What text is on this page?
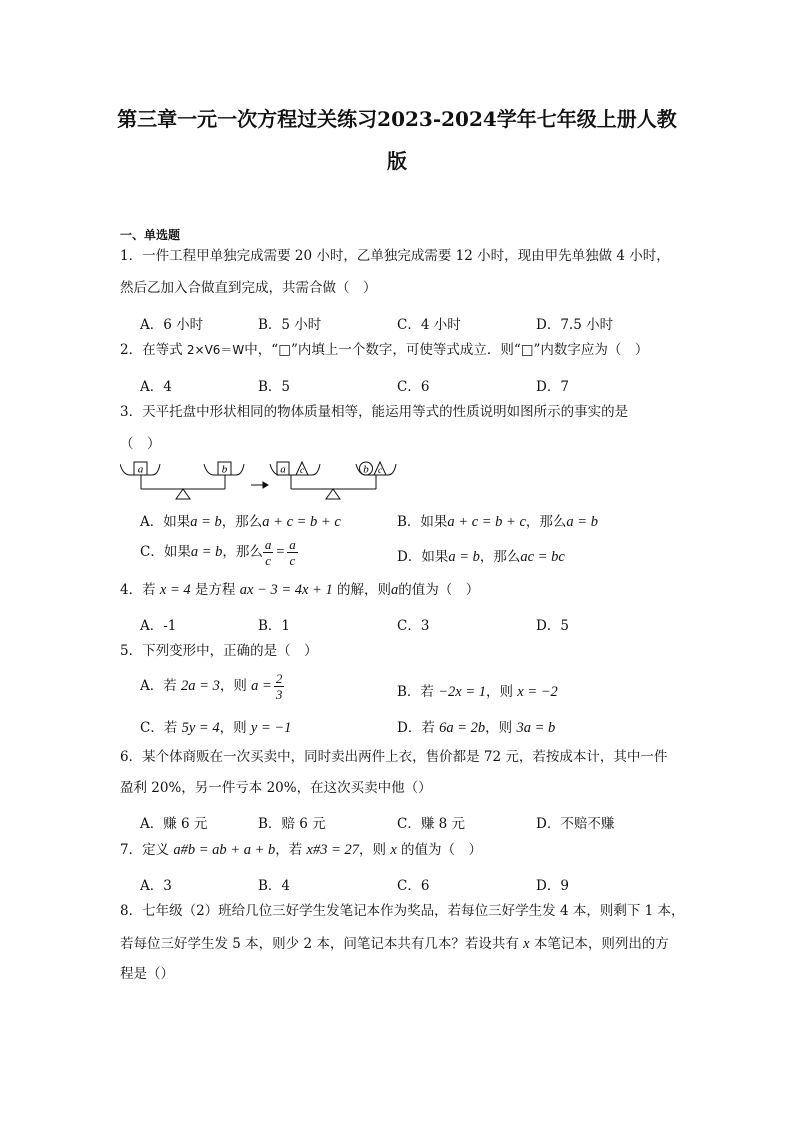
第三章一元一次方程过关练习2023-2024学年七年级上册人教
版
一、单选题
1．一件工程甲单独完成需要 20 小时，乙单独完成需要 12 小时，现由甲先单独做 4 小时，
然后乙加入合做直到完成，共需合做（　）
A．6 小时	B．5 小时	C．4 小时	D．7.5 小时
2．在等式 2×V6＝W中，“□”内填上一个数字，可使等式成立．则“□”内数字应为（　）
A．4	B．5	C．6	D．7
3．天平托盘中形状相同的物体质量相等，能运用等式的性质说明如图所示的事实的是
（　）
a	b	a c	b c
A．如果a = b，那么a + c = b + c	B．如果a + c = b + c，那么a = b
C．如果a = b，那么 $\frac{a}{c} = \frac{a}{c}$	D．如果a = b，那么ac = bc
4．若 x = 4 是方程 ax − 3 = 4x + 1 的解，则a的值为（　）
A．-1	B．1	C．3	D．5
5．下列变形中，正确的是（　）
A．若 2a = 3，则 $a = \frac{2}{3}$	B．若 −2x = 1，则 x = −2
C．若 5y = 4，则 y = −1	D．若 6a = 2b，则 3a = b
6．某个体商贩在一次买卖中，同时卖出两件上衣，售价都是 72 元，若按成本计，其中一件
盈利 20%，另一件亏本 20%，在这次买卖中他（）
A．赚 6 元	B．赔 6 元	C．赚 8 元	D．不赔不赚
7．定义 a#b = ab + a + b，若 x#3 = 27，则 x 的值为（　）
A．3	B．4	C．6	D．9
8．七年级（2）班给几位三好学生发笔记本作为奖品，若每位三好学生发 4 本，则剩下 1 本，
若每位三好学生发 5 本，则少 2 本，问笔记本共有几本？若设共有 x 本笔记本，则列出的方
程是（）
